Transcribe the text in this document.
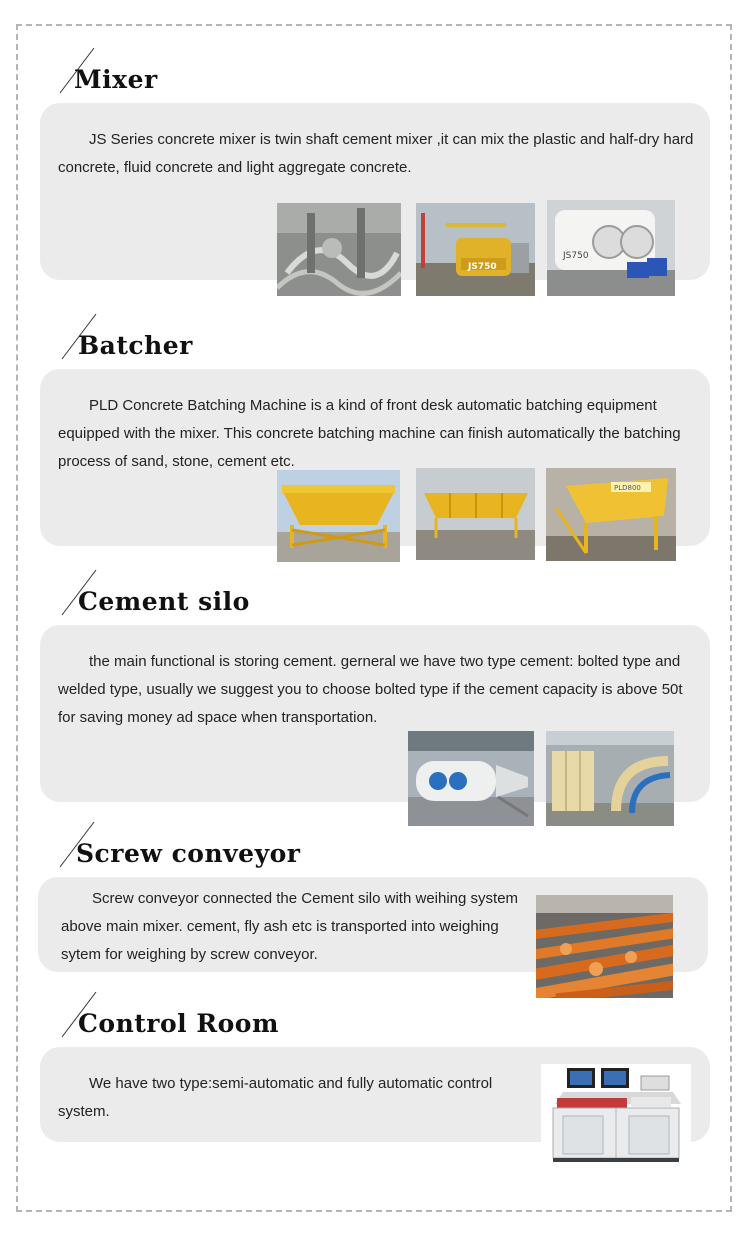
Mixer

JS Series concrete mixer is twin shaft cement mixer ,it can mix the plastic and half-dry hard concrete, fluid concrete and light aggregate concrete.

JS750
JS750
Batcher

PLD Concrete Batching Machine is a kind of front desk automatic batching equipment equipped with the mixer. This concrete batching machine can finish automatically the batching process of sand, stone, cement etc.

PLD800
Cement silo

the main functional is storing cement. gerneral we have two type cement: bolted type and welded type, usually we suggest you to choose bolted type if the cement capacity is above 50t for saving money ad space when transportation.

Screw conveyor

Screw conveyor connected the Cement silo with weihing system above main mixer. cement, fly ash etc is transported into weighing sytem for weighing by screw conveyor.

Control Room

We have two type:semi-automatic and fully automatic control system.
